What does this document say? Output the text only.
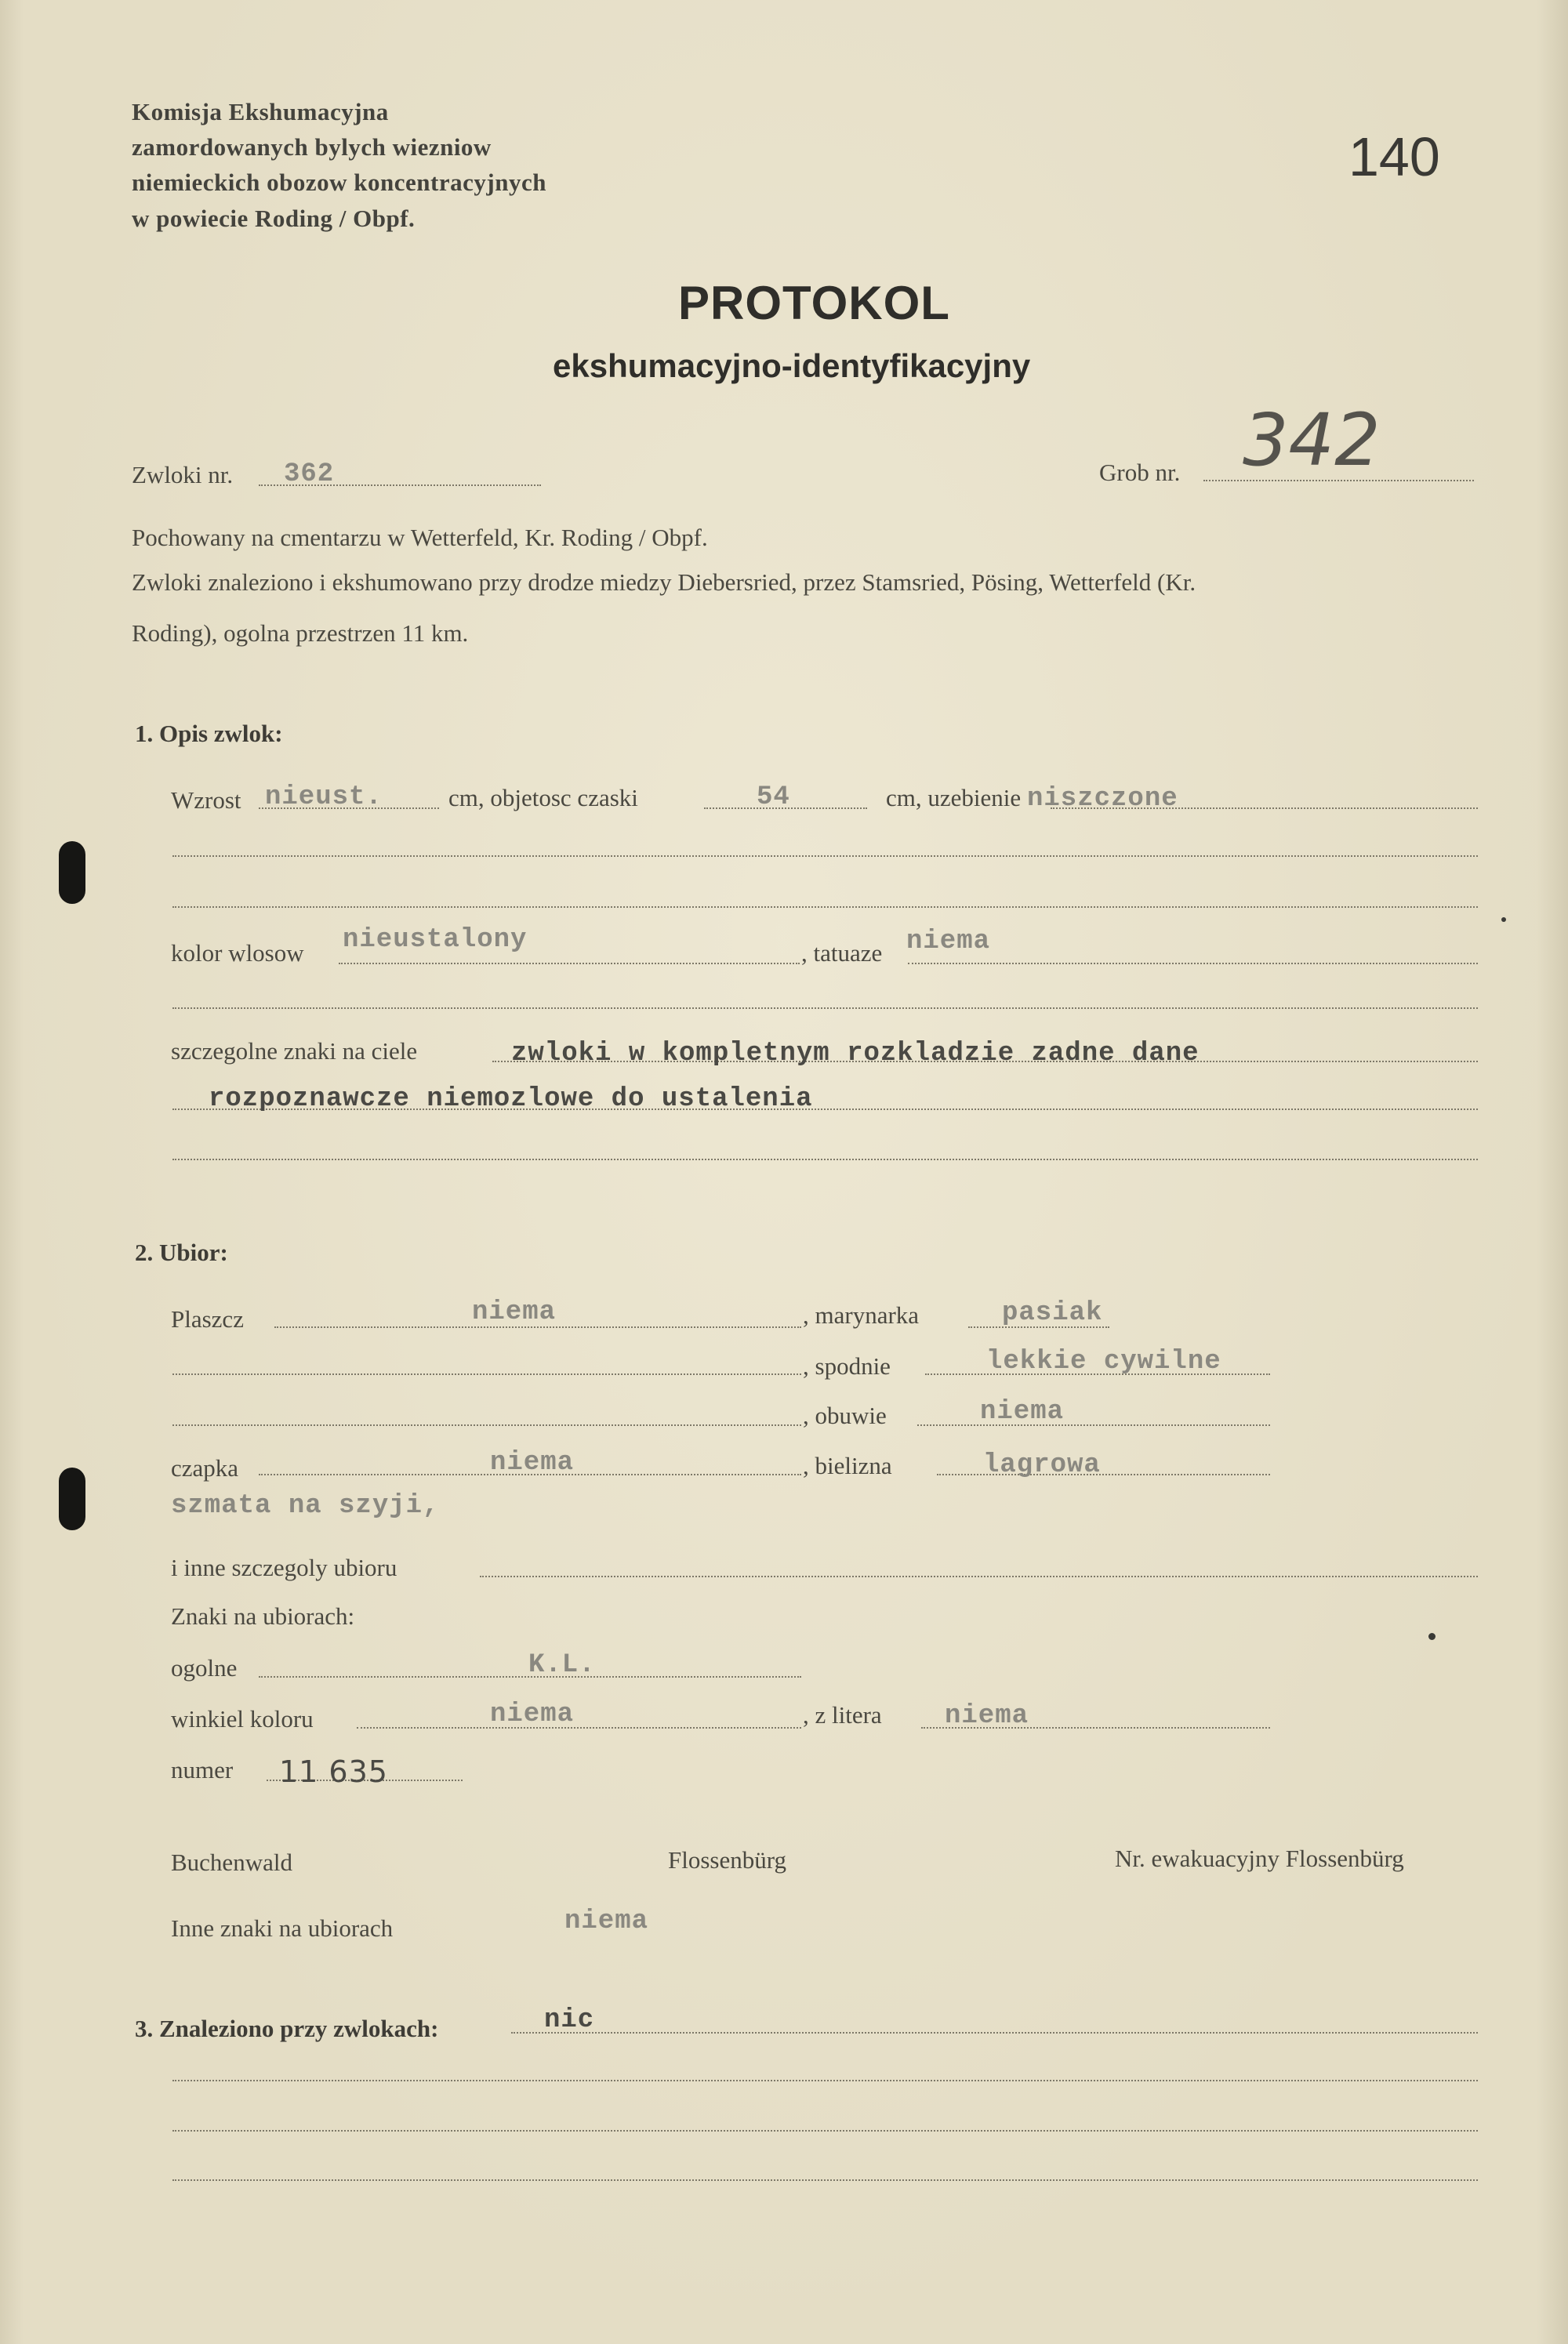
Komisja Ekshumacyjna
zamordowanych bylych wiezniow
niemieckich obozow koncentracyjnych
w powiecie Roding / Obpf.
140
PROTOKOL
ekshumacyjno-identyfikacyjny
Zwloki nr. 362	Grob nr. 342
Pochowany na cmentarzu w Wetterfeld, Kr. Roding / Obpf.
Zwloki znaleziono i ekshumowano przy drodze miedzy Diebersried, przez Stamsried, Pösing, Wetterfeld (Kr.
Roding), ogolna przestrzen 11 km.
1. Opis zwlok:
Wzrost nieust.	cm, objetosc czaski	54	cm, uzebienie niszczone
kolor wlosow nieustalony	, tatuaze niema
szczegolne znaki na ciele	zwloki w kompletnym rozkladzie zadne dane
rozpoznawcze niemozlowe do ustalenia
2. Ubior:
Plaszcz	niema	, marynarka	pasiak
, spodnie	lekkie cywilne
, obuwie	niema
czapka	niema	, bielizna	lagrowa
szmata na szyji,
i inne szczegoly ubioru
Znaki na ubiorach:
ogolne	K.L.
winkiel koloru	niema	, z litera niema
numer 11 635
Buchenwald	Flossenbürg	Nr. ewakuacyjny Flossenbürg
Inne znaki na ubiorach	niema
3. Znaleziono przy zwlokach:	nic
